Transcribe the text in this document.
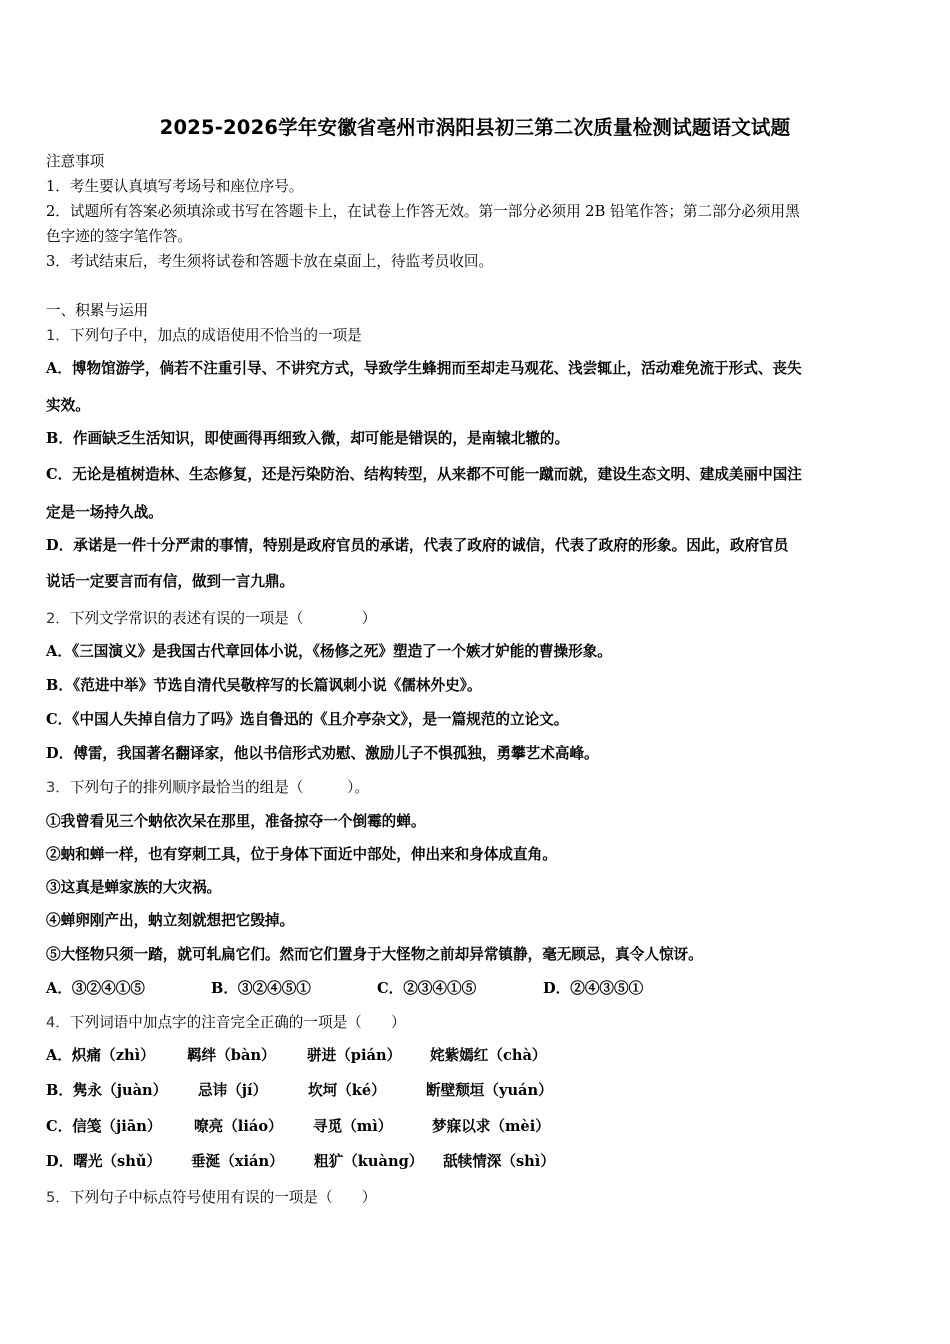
2025-2026学年安徽省亳州市涡阳县初三第二次质量检测试题语文试题
注意事项
1．考生要认真填写考场号和座位序号。
2．试题所有答案必须填涂或书写在答题卡上，在试卷上作答无效。第一部分必须用 2B 铅笔作答；第二部分必须用黑
色字迹的签字笔作答。
3．考试结束后，考生须将试卷和答题卡放在桌面上，待监考员收回。
一、积累与运用
1．下列句子中，加点的成语使用不恰当的一项是
A．博物馆游学，倘若不注重引导、不讲究方式，导致学生蜂拥而至却走马观花、浅尝辄止，活动难免流于形式、丧失
实效。
B．作画缺乏生活知识，即使画得再细致入微，却可能是错误的，是南辕北辙的。
C．无论是植树造林、生态修复，还是污染防治、结构转型，从来都不可能一蹴而就，建设生态文明、建成美丽中国注
定是一场持久战。
D．承诺是一件十分严肃的事情，特别是政府官员的承诺，代表了政府的诚信，代表了政府的形象。因此，政府官员
说话一定要言而有信，做到一言九鼎。
2．下列文学常识的表述有误的一项是（　　　　）
A．《三国演义》是我国古代章回体小说，《杨修之死》塑造了一个嫉才妒能的曹操形象。
B．《范进中举》节选自清代吴敬梓写的长篇讽刺小说《儒林外史》。
C．《中国人失掉自信力了吗》选自鲁迅的《且介亭杂文》，是一篇规范的立论文。
D．傅雷，我国著名翻译家，他以书信形式劝慰、激励儿子不惧孤独，勇攀艺术高峰。
3．下列句子的排列顺序最恰当的组是（　　　）。
①我曾看见三个蚋依次呆在那里，准备掠夺一个倒霉的蝉。
②蚋和蝉一样，也有穿刺工具，位于身体下面近中部处，伸出来和身体成直角。
③这真是蝉家族的大灾祸。
④蝉卵刚产出，蚋立刻就想把它毁掉。
⑤大怪物只须一踏，就可轧扁它们。然而它们置身于大怪物之前却异常镇静，毫无顾忌，真令人惊讶。
A．③②④①⑤	B．③②④⑤①	C．②③④①⑤	D．②④③⑤①
4．下列词语中加点字的注音完全正确的一项是（　　）
A．炽痛（zhì） 羁绊（bàn） 骈进（pián） 姹紫嫣红（chà）
B．隽永（juàn） 忌讳（jí）	坎坷（ké）	断壁颓垣（yuán）
C．信笺（jiān） 嘹亮（liáo） 寻觅（mì）	梦寐以求（mèi）
D．曙光（shǔ） 垂涎（xián） 粗犷（kuàng） 舐犊情深（shì）
5．下列句子中标点符号使用有误的一项是（　　）
